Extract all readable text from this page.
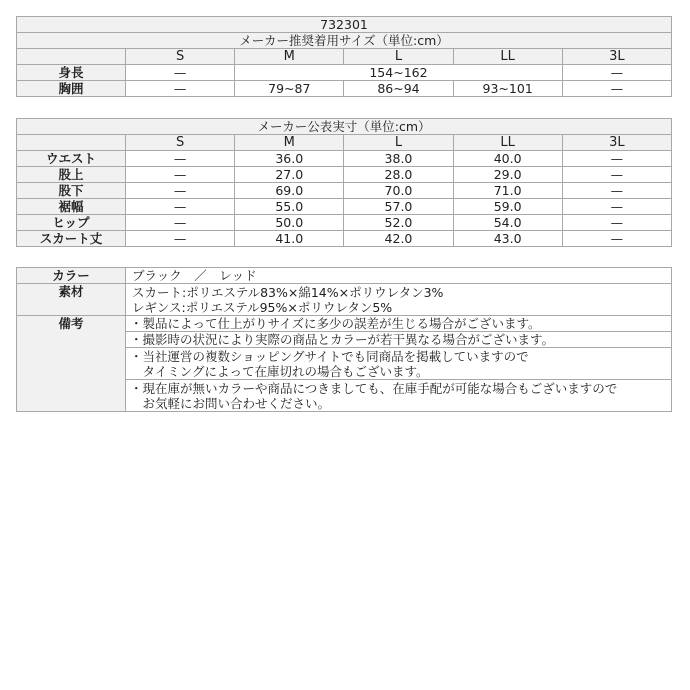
732301					
メーカー推奨着用サイズ（単位:cm）					
	S	M	L	LL	3L
身長	—	154~162			—
胸囲	—	79~87	86~94	93~101	—
メーカー公表実寸（単位:cm）					
	S	M	L	LL	3L
ウエスト	—	36.0	38.0	40.0	—
股上	—	27.0	28.0	29.0	—
股下	—	69.0	70.0	71.0	—
裾幅	—	55.0	57.0	59.0	—
ヒップ	—	50.0	52.0	54.0	—
スカート丈	—	41.0	42.0	43.0	—
カラー	ブラック　／　レッド
素材	スカート:ポリエステル83%×綿14%×ポリウレタン3%
レギンス:ポリエステル95%×ポリウレタン5%

備考	・製品によって仕上がりサイズに多少の誤差が生じる場合がございます。
	・撮影時の状況により実際の商品とカラーが若干異なる場合がございます。

	・当社運営の複数ショッピングサイトでも同商品を掲載していますので
　タイミングによって在庫切れの場合もございます。

	・現在庫が無いカラーや商品につきましても、在庫手配が可能な場合もございますので
　お気軽にお問い合わせください。
